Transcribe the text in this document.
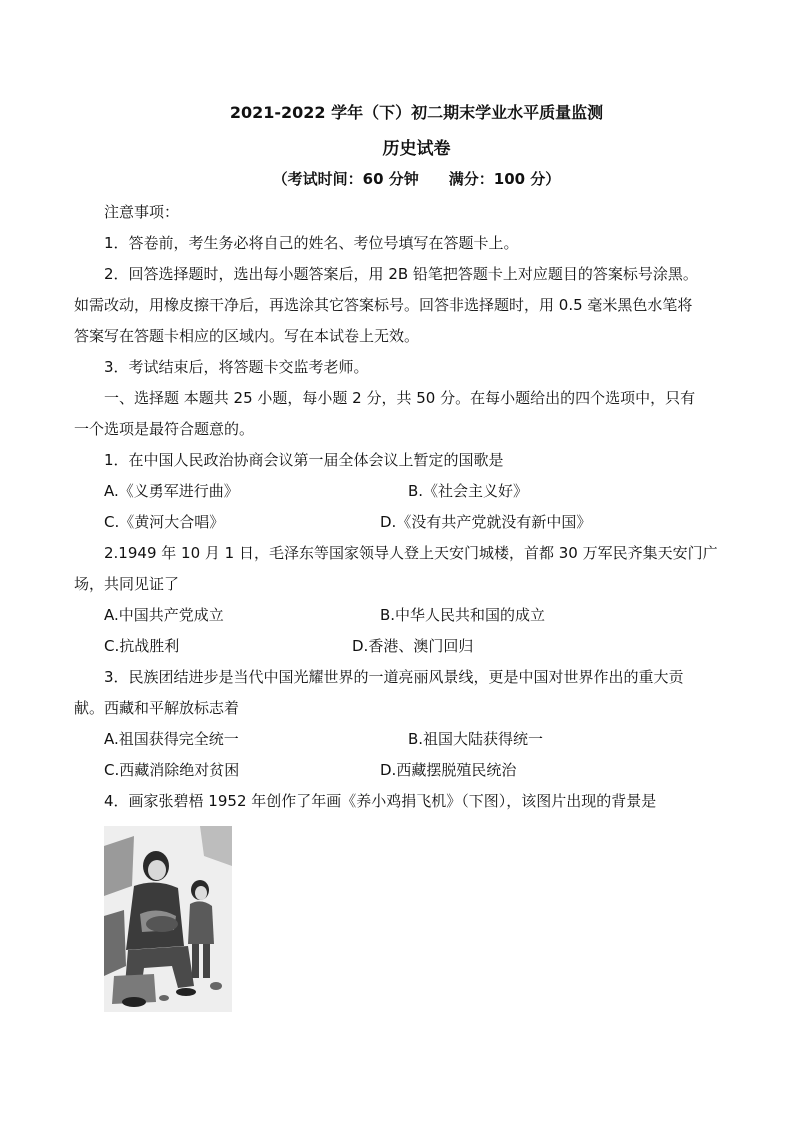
2021-2022 学年（下）初二期末学业水平质量监测
历史试卷
（考试时间：60 分钟　　满分：100 分）
注意事项：
1．答卷前，考生务必将自己的姓名、考位号填写在答题卡上。
2．回答选择题时，选出每小题答案后，用 2B 铅笔把答题卡上对应题目的答案标号涂黑。
如需改动，用橡皮擦干净后，再选涂其它答案标号。回答非选择题时，用 0.5 毫米黑色水笔将
答案写在答题卡相应的区域内。写在本试卷上无效。
3．考试结束后，将答题卡交监考老师。
一、选择题 本题共 25 小题，每小题 2 分，共 50 分。在每小题给出的四个选项中，只有
一个选项是最符合题意的。
1．在中国人民政治协商会议第一届全体会议上暂定的国歌是
A.《义勇军进行曲》	B.《社会主义好》
C.《黄河大合唱》	D.《没有共产党就没有新中国》
2.1949 年 10 月 1 日，毛泽东等国家领导人登上天安门城楼，首都 30 万军民齐集天安门广
场，共同见证了
A.中国共产党成立	B.中华人民共和国的成立
C.抗战胜利	D.香港、澳门回归
3．民族团结进步是当代中国光耀世界的一道亮丽风景线，更是中国对世界作出的重大贡
献。西藏和平解放标志着
A.祖国获得完全统一	B.祖国大陆获得统一
C.西藏消除绝对贫困	D.西藏摆脱殖民统治
4．画家张碧梧 1952 年创作了年画《养小鸡捐飞机》（下图），该图片出现的背景是
